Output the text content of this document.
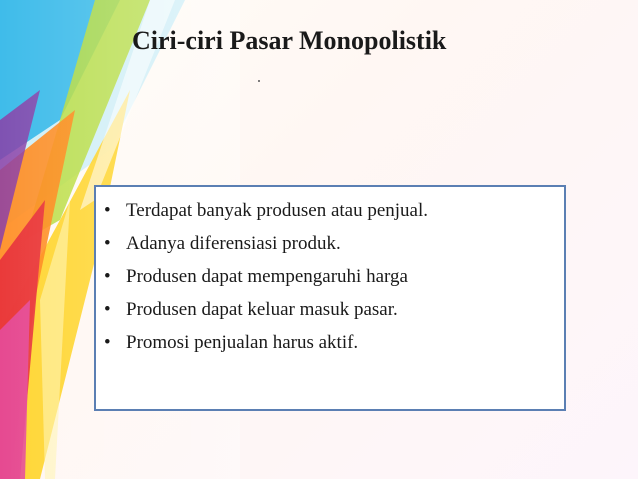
Ciri-ciri Pasar Monopolistik
• Terdapat banyak produsen atau penjual.
• Adanya diferensiasi produk.
• Produsen dapat mempengaruhi harga
• Produsen dapat keluar masuk pasar.
• Promosi penjualan harus aktif.
